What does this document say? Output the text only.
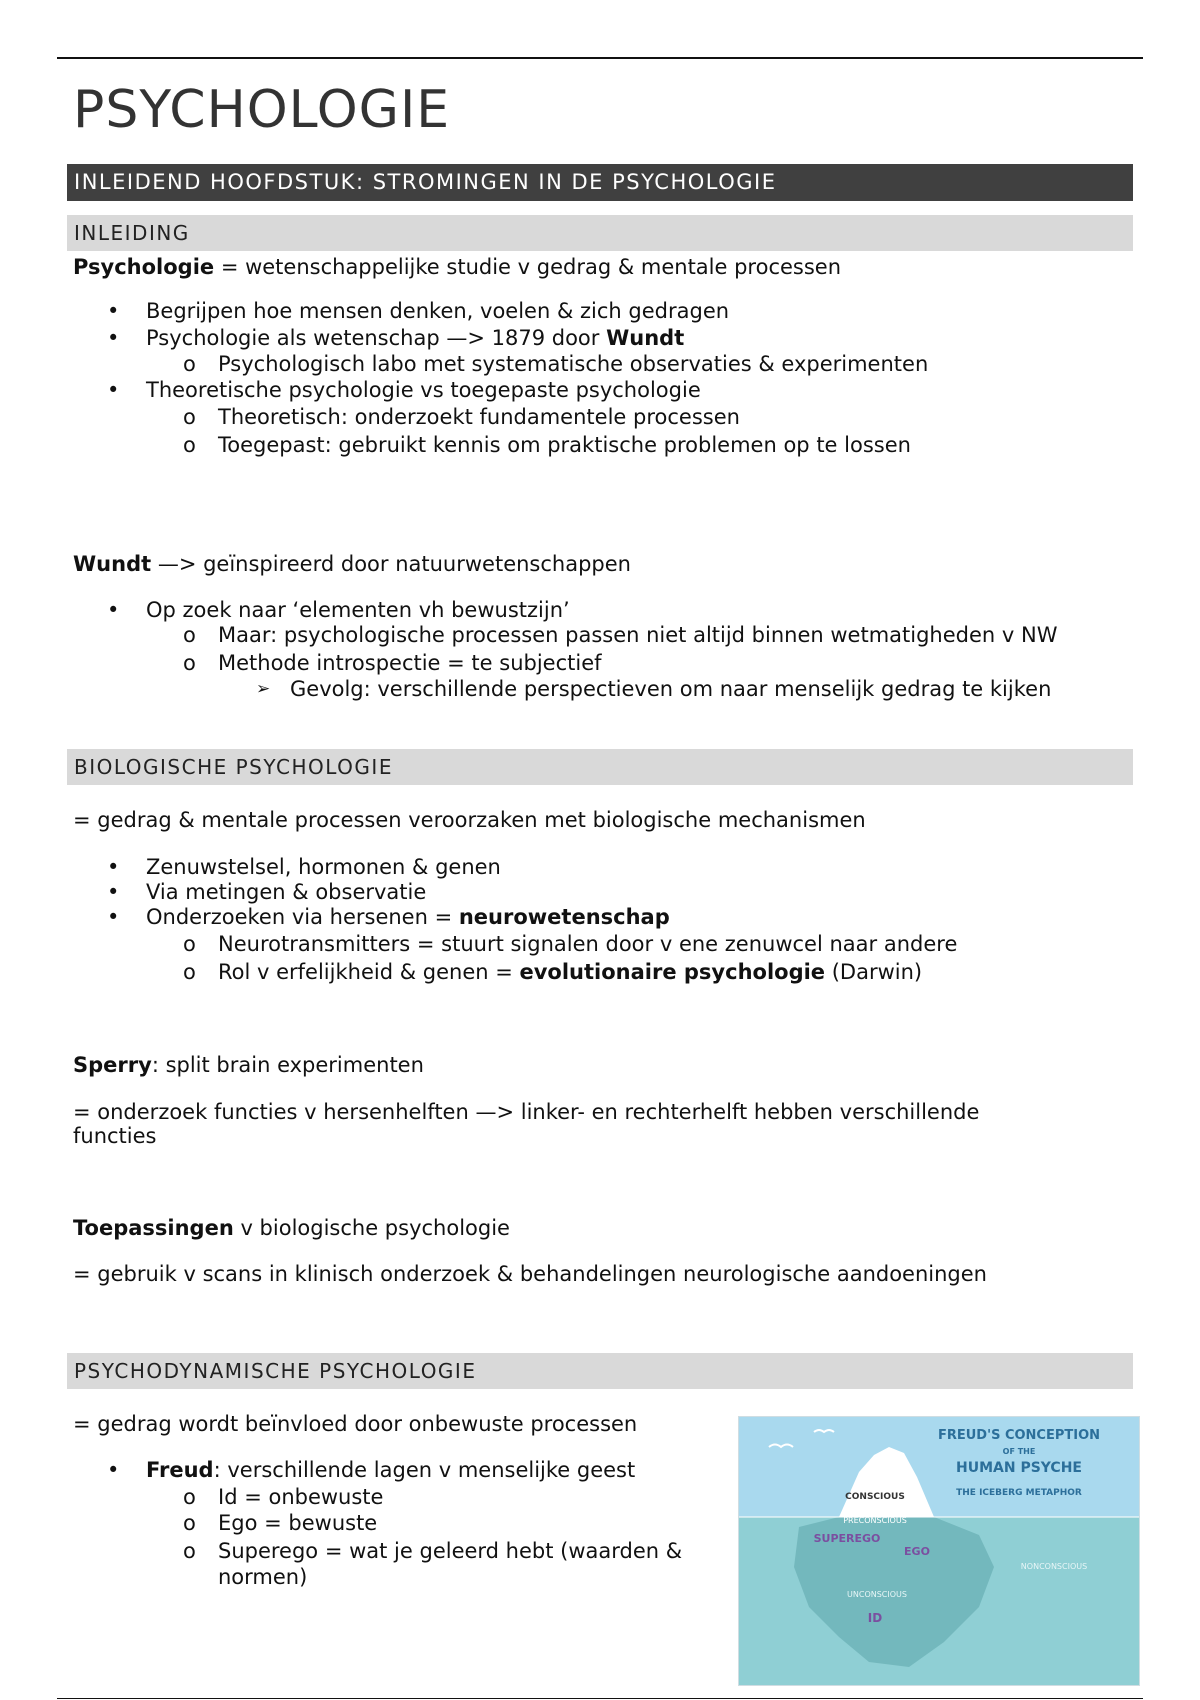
PSYCHOLOGIE
INLEIDEND HOOFDSTUK: STROMINGEN IN DE PSYCHOLOGIE
INLEIDING
Psychologie = wetenschappelijke studie v gedrag & mentale processen
• Begrijpen hoe mensen denken, voelen & zich gedragen
• Psychologie als wetenschap —> 1879 door Wundt
o Psychologisch labo met systematische observaties & experimenten
• Theoretische psychologie vs toegepaste psychologie
o Theoretisch: onderzoekt fundamentele processen
o Toegepast: gebruikt kennis om praktische problemen op te lossen
Wundt —> geïnspireerd door natuurwetenschappen
• Op zoek naar ‘elementen vh bewustzijn’
o Maar: psychologische processen passen niet altijd binnen wetmatigheden v NW
o Methode introspectie = te subjectief
➢ Gevolg: verschillende perspectieven om naar menselijk gedrag te kijken
BIOLOGISCHE PSYCHOLOGIE
= gedrag & mentale processen veroorzaken met biologische mechanismen
• Zenuwstelsel, hormonen & genen
• Via metingen & observatie
• Onderzoeken via hersenen = neurowetenschap
o Neurotransmitters = stuurt signalen door v ene zenuwcel naar andere
o Rol v erfelijkheid & genen = evolutionaire psychologie (Darwin)
Sperry: split brain experimenten
= onderzoek functies v hersenhelften —> linker- en rechterhelft hebben verschillende
functies
Toepassingen v biologische psychologie
= gebruik v scans in klinisch onderzoek & behandelingen neurologische aandoeningen
PSYCHODYNAMISCHE PSYCHOLOGIE
= gedrag wordt beïnvloed door onbewuste processen
• Freud: verschillende lagen v menselijke geest
o Id = onbewuste
o Ego = bewuste
o Superego = wat je geleerd hebt (waarden &
normen)
FREUD'S CONCEPTION
OF THE
HUMAN PSYCHE
THE ICEBERG METAPHOR
CONSCIOUS
PRECONSCIOUS
SUPEREGO
EGO
NONCONSCIOUS
UNCONSCIOUS
ID
